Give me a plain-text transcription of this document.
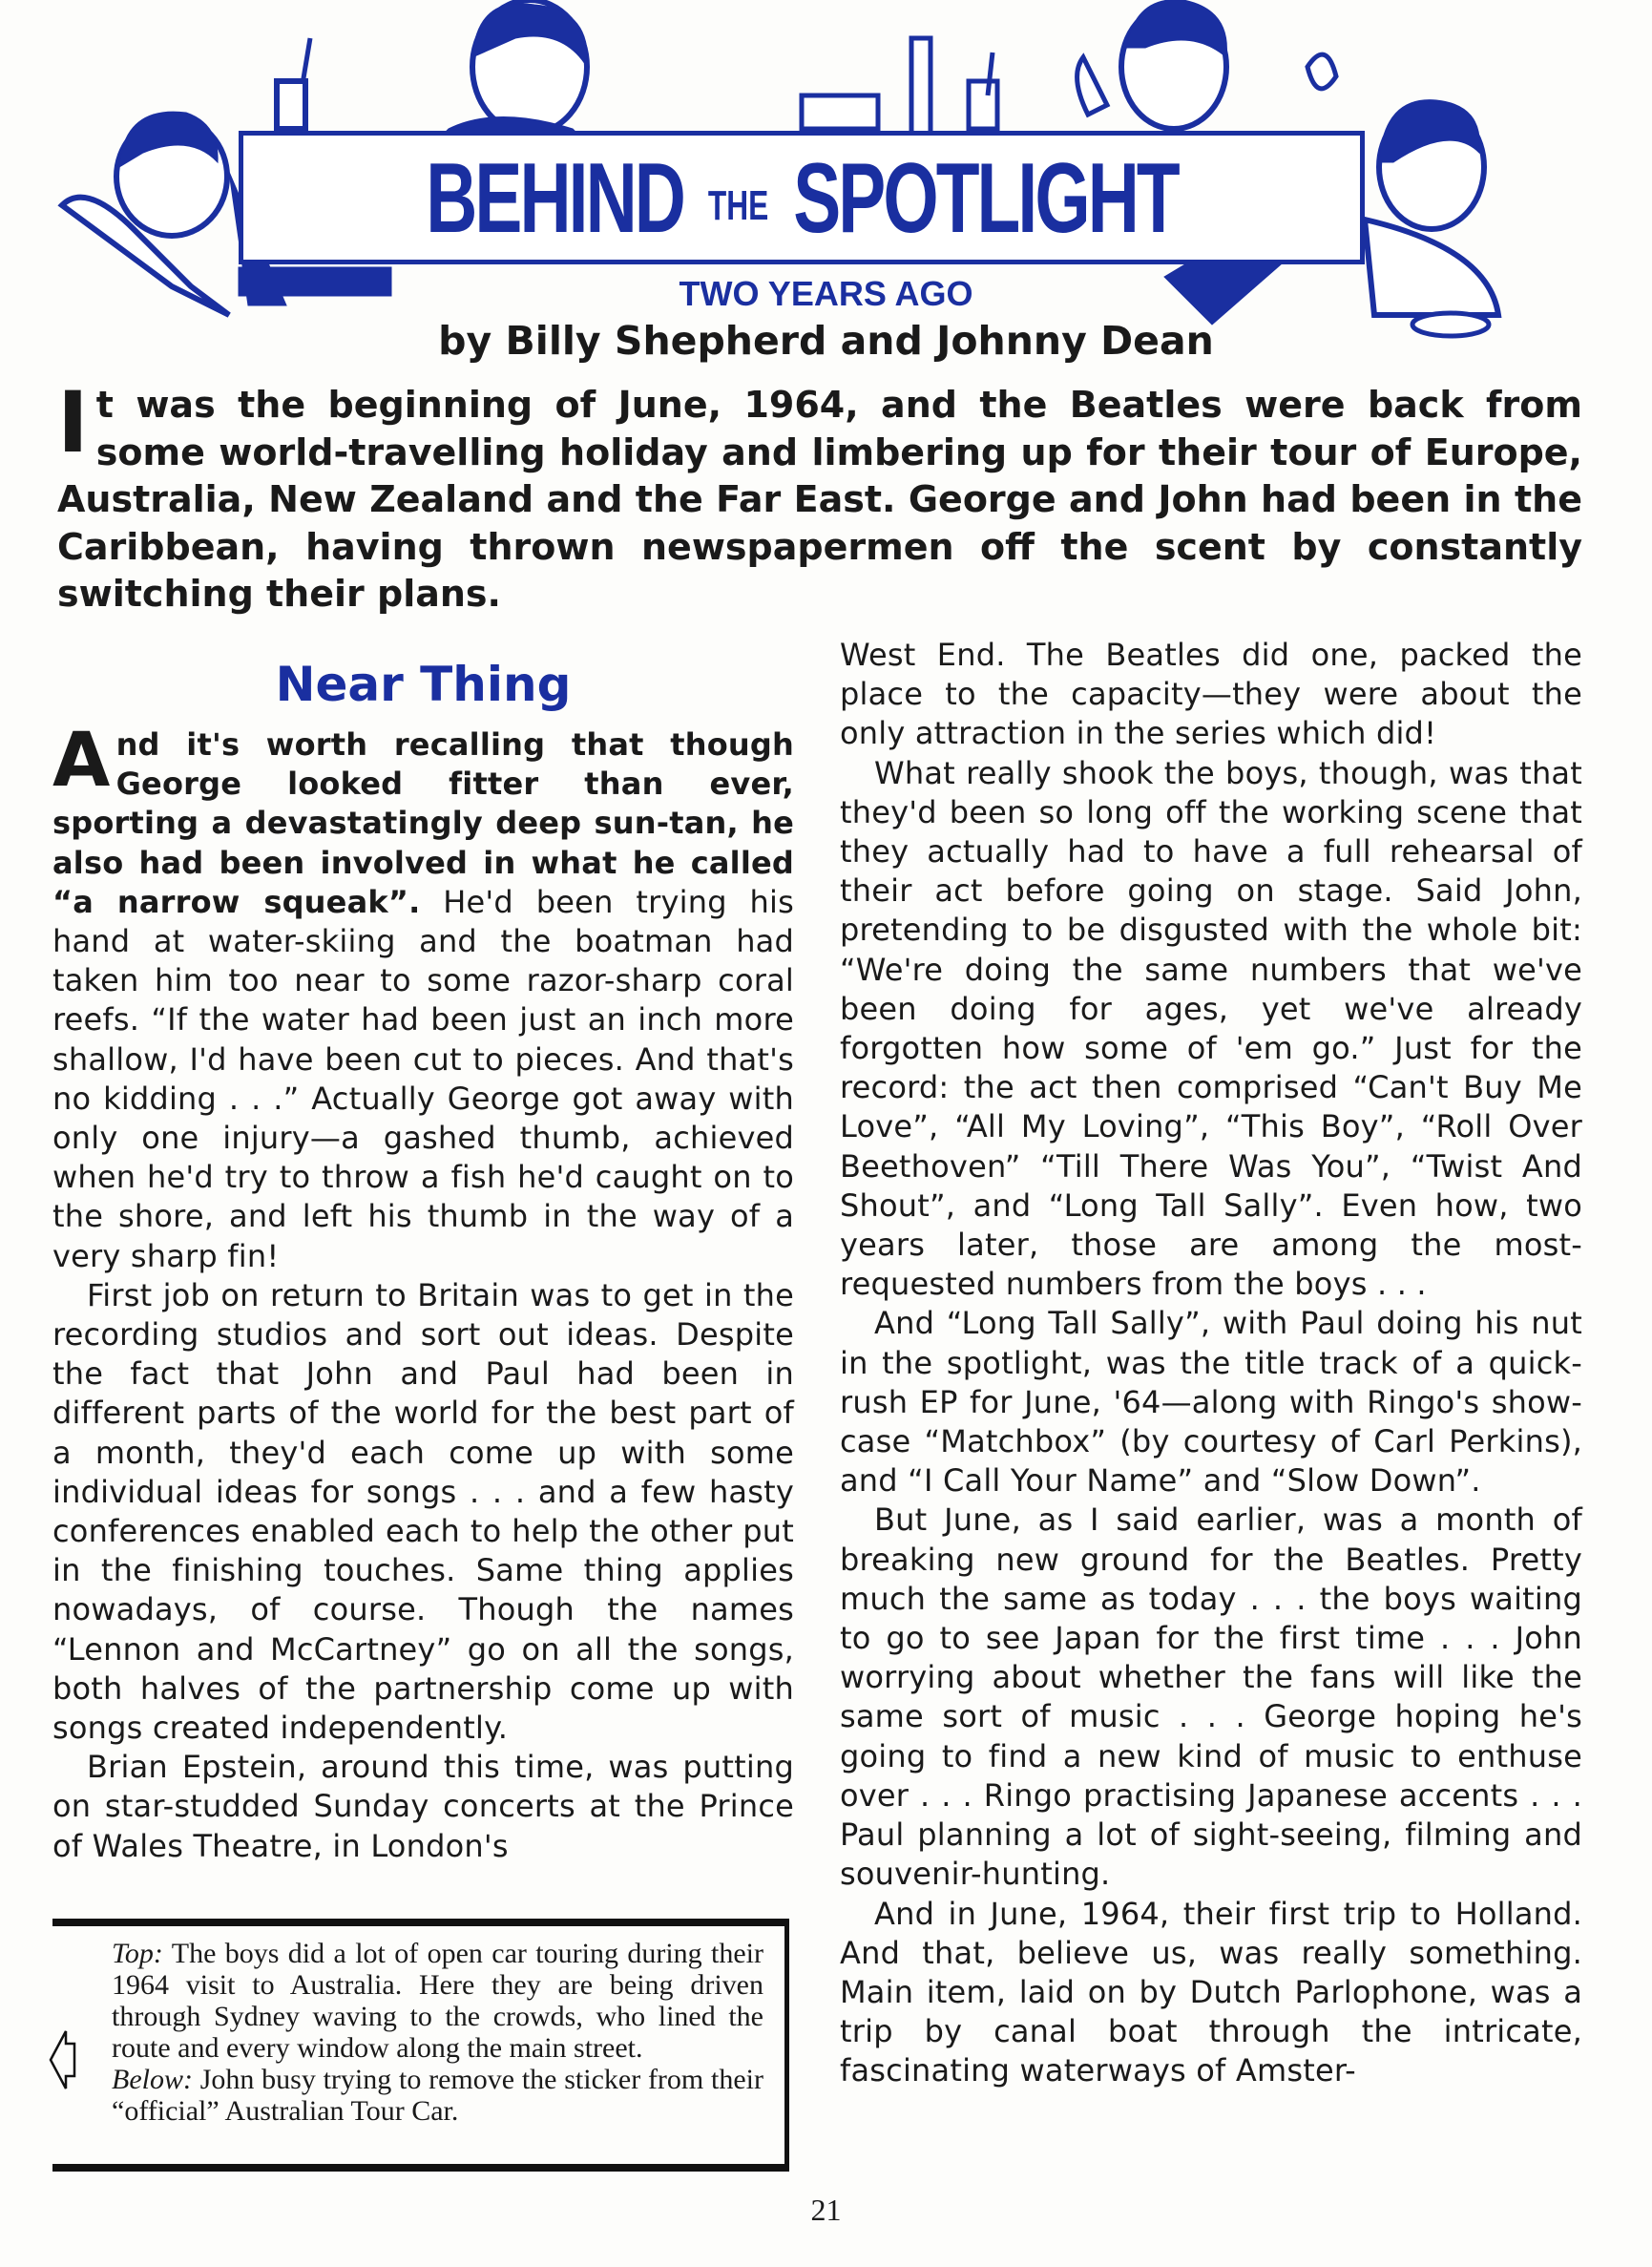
BEHIND THE SPOTLIGHT
TWO YEARS AGO
by Billy Shepherd and Johnny Dean
It was the beginning of June, 1964, and the Beatles were back from some world-travelling holiday and limbering up for their tour of Europe, Australia, New Zealand and the Far East. George and John had been in the Caribbean, having thrown newspapermen off the scent by constantly switching their plans.
Near Thing

And it's worth recalling that though George looked fitter than ever, sporting a devastatingly deep sun-tan, he also had been involved in what he called “a narrow squeak”. He'd been trying his hand at water-skiing and the boatman had taken him too near to some razor-sharp coral reefs. “If the water had been just an inch more shallow, I'd have been cut to pieces. And that's no kidding . . .” Actually George got away with only one injury—a gashed thumb, achieved when he'd try to throw a fish he'd caught on to the shore, and left his thumb in the way of a very sharp fin!

First job on return to Britain was to get in the recording studios and sort out ideas. Despite the fact that John and Paul had been in different parts of the world for the best part of a month, they'd each come up with some individual ideas for songs . . . and a few hasty conferences enabled each to help the other put in the finishing touches. Same thing applies nowadays, of course. Though the names “Lennon and McCartney” go on all the songs, both halves of the partnership come up with songs created independently.

Brian Epstein, around this time, was putting on star-studded Sunday concerts at the Prince of Wales Theatre, in London's

West End. The Beatles did one, packed the place to the capacity—they were about the only attraction in the series which did!

What really shook the boys, though, was that they'd been so long off the working scene that they actually had to have a full rehearsal of their act before going on stage. Said John, pretending to be disgusted with the whole bit: “We're doing the same numbers that we've been doing for ages, yet we've already forgotten how some of 'em go.” Just for the record: the act then comprised “Can't Buy Me Love”, “All My Loving”, “This Boy”, “Roll Over Beethoven” “Till There Was You”, “Twist And Shout”, and “Long Tall Sally”. Even how, two years later, those are among the most-requested numbers from the boys . . .

And “Long Tall Sally”, with Paul doing his nut in the spotlight, was the title track of a quick-rush EP for June, '64—along with Ringo's show-case “Matchbox” (by courtesy of Carl Perkins), and “I Call Your Name” and “Slow Down”.

But June, as I said earlier, was a month of breaking new ground for the Beatles. Pretty much the same as today . . . the boys waiting to go to see Japan for the first time . . . John worrying about whether the fans will like the same sort of music . . . George hoping he's going to find a new kind of music to enthuse over . . . Ringo practising Japanese accents . . . Paul planning a lot of sight-seeing, filming and souvenir-hunting.

And in June, 1964, their first trip to Holland. And that, believe us, was really something. Main item, laid on by Dutch Parlophone, was a trip by canal boat through the intricate, fascinating waterways of Amster-

Top: The boys did a lot of open car touring during their 1964 visit to Australia. Here they are being driven through Sydney waving to the crowds, who lined the route and every window along the main street.

Below: John busy trying to remove the sticker from their “official” Australian Tour Car.

21
